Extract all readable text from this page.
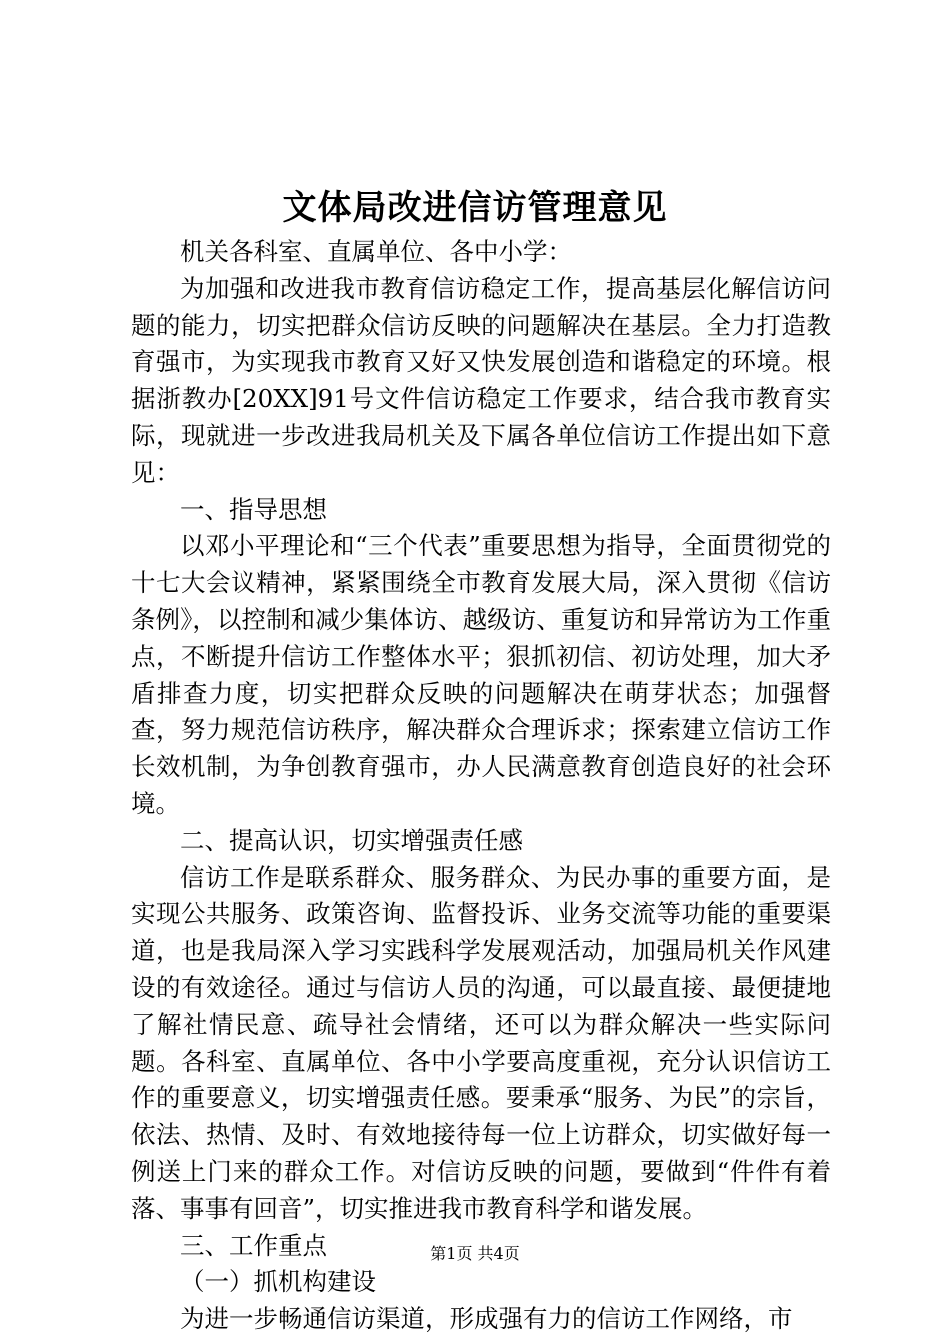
文体局改进信访管理意见

机关各科室、直属单位、各中小学：

为加强和改进我市教育信访稳定工作，提高基层化解信访问题的能力，切实把群众信访反映的问题解决在基层。全力打造教育强市，为实现我市教育又好又快发展创造和谐稳定的环境。根据浙教办[20XX]91号文件信访稳定工作要求，结合我市教育实际，现就进一步改进我局机关及下属各单位信访工作提出如下意见：

一、指导思想

以邓小平理论和“三个代表”重要思想为指导，全面贯彻党的十七大会议精神，紧紧围绕全市教育发展大局，深入贯彻《信访条例》，以控制和减少集体访、越级访、重复访和异常访为工作重点，不断提升信访工作整体水平；狠抓初信、初访处理，加大矛盾排查力度，切实把群众反映的问题解决在萌芽状态；加强督查，努力规范信访秩序，解决群众合理诉求；探索建立信访工作长效机制，为争创教育强市，办人民满意教育创造良好的社会环境。

二、提高认识，切实增强责任感

信访工作是联系群众、服务群众、为民办事的重要方面，是实现公共服务、政策咨询、监督投诉、业务交流等功能的重要渠道，也是我局深入学习实践科学发展观活动，加强局机关作风建设的有效途径。通过与信访人员的沟通，可以最直接、最便捷地了解社情民意、疏导社会情绪，还可以为群众解决一些实际问题。各科室、直属单位、各中小学要高度重视，充分认识信访工作的重要意义，切实增强责任感。要秉承“服务、为民”的宗旨，依法、热情、及时、有效地接待每一位上访群众，切实做好每一例送上门来的群众工作。对信访反映的问题，要做到“件件有着落、事事有回音”，切实推进我市教育科学和谐发展。

三、工作重点

（一）抓机构建设

为进一步畅通信访渠道，形成强有力的信访工作网络，市

第1页 共4页
